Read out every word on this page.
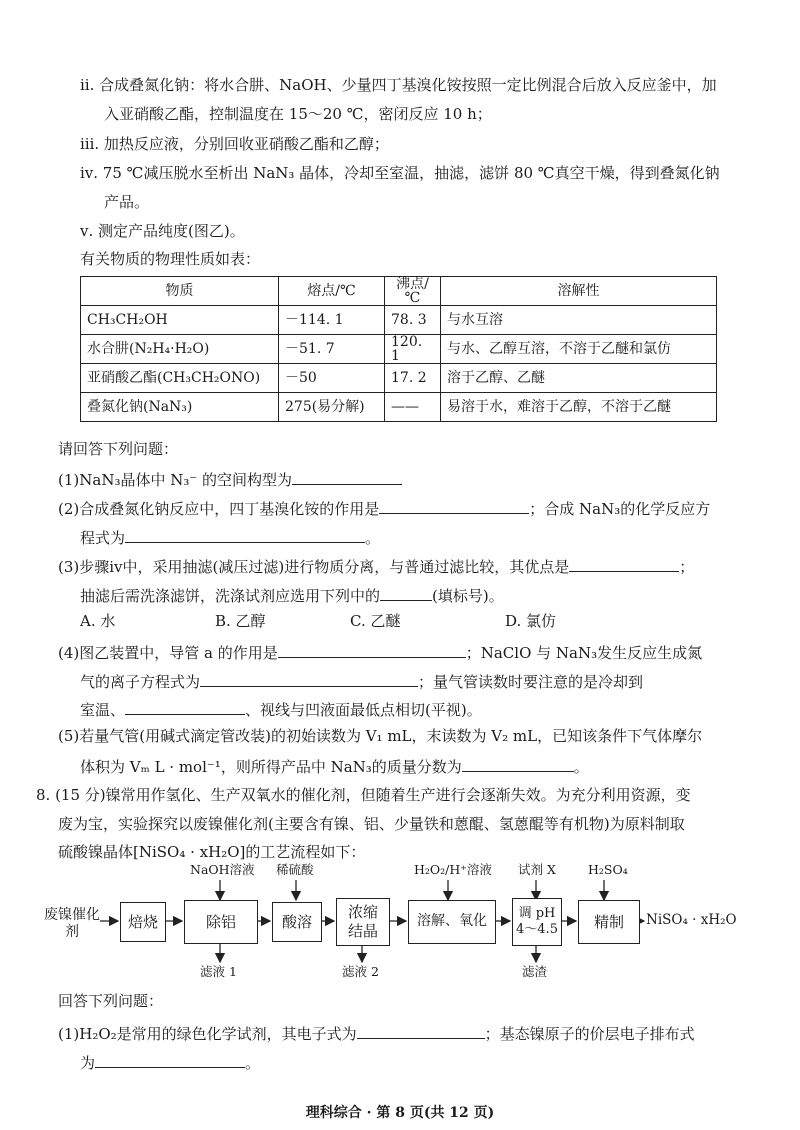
ⅱ. 合成叠氮化钠：将水合肼、NaOH、少量四丁基溴化铵按照一定比例混合后放入反应釜中，加
入亚硝酸乙酯，控制温度在 15～20 ℃，密闭反应 10 h；
ⅲ. 加热反应液，分别回收亚硝酸乙酯和乙醇；
ⅳ. 75 ℃减压脱水至析出 NaN₃ 晶体，冷却至室温，抽滤，滤饼 80 ℃真空干燥，得到叠氮化钠
产品。
ⅴ. 测定产品纯度(图乙)。
有关物质的物理性质如表：
物质	熔点/℃	沸点/℃	溶解性
CH₃CH₂OH	－114. 1	78. 3	与水互溶
水合肼(N₂H₄·H₂O)	－51. 7	120. 1	与水、乙醇互溶，不溶于乙醚和氯仿
亚硝酸乙酯(CH₃CH₂ONO)	－50	17. 2	溶于乙醇、乙醚
叠氮化钠(NaN₃)	275(易分解)	——	易溶于水，难溶于乙醇，不溶于乙醚
请回答下列问题：
(1)NaN₃晶体中 N₃⁻ 的空间构型为
(2)合成叠氮化钠反应中，四丁基溴化铵的作用是	；合成 NaN₃的化学反应方
程式为	。
(3)步骤ⅳ中，采用抽滤(减压过滤)进行物质分离，与普通过滤比较，其优点是	；
抽滤后需洗涤滤饼，洗涤试剂应选用下列中的	(填标号)。
A. 水	B. 乙醇	C. 乙醚	D. 氯仿
(4)图乙装置中，导管 a 的作用是	；NaClO 与 NaN₃发生反应生成氮
气的离子方程式为	；量气管读数时要注意的是冷却到
室温、	、视线与凹液面最低点相切(平视)。
(5)若量气管(用碱式滴定管改装)的初始读数为 V₁ mL，末读数为 V₂ mL，已知该条件下气体摩尔
体积为 Vₘ L · mol⁻¹，则所得产品中 NaN₃的质量分数为	。
8. (15 分)镍常用作氢化、生产双氧水的催化剂，但随着生产进行会逐渐失效。为充分利用资源，变
废为宝，实验探究以废镍催化剂(主要含有镍、铝、少量铁和蒽醌、氢蒽醌等有机物)为原料制取
硫酸镍晶体[NiSO₄ · xH₂O]的工艺流程如下：
废镍催化剂
焙烧	除铝	酸溶
浓缩结晶
溶解、氧化	调 pH 4～4.5	精制	NiSO₄ · xH₂O
NaOH溶液 稀硫酸	H₂O₂/H⁺溶液 试剂 X	H₂SO₄
滤液 1	滤液 2	滤渣
回答下列问题：
(1)H₂O₂是常用的绿色化学试剂，其电子式为	；基态镍原子的价层电子排布式
为	。
理科综合 · 第 8 页(共 12 页)
